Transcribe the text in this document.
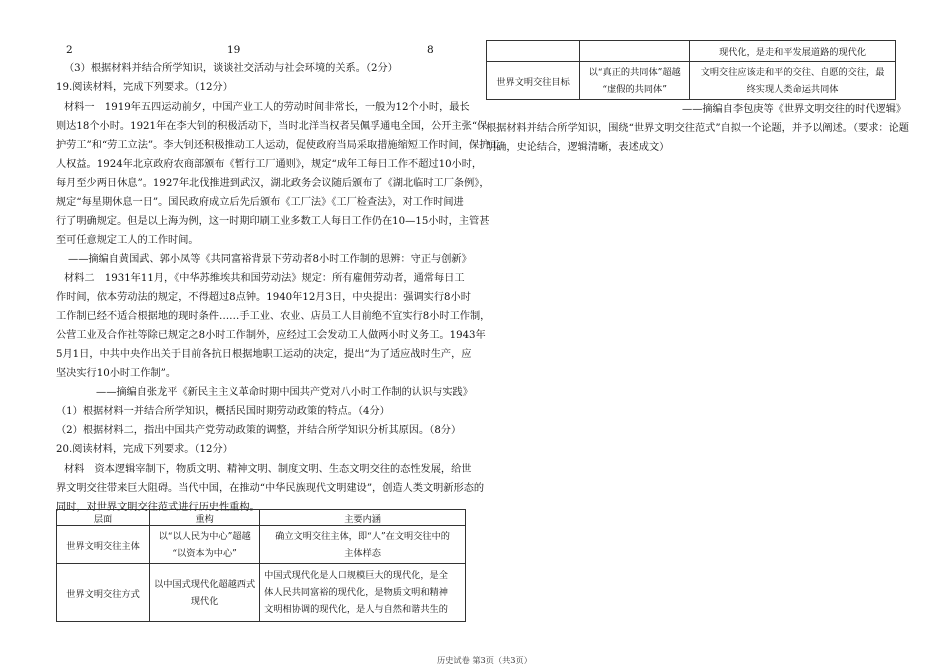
2	19	8
（3）根据材料并结合所学知识，谈谈社交活动与社会环境的关系。（2分）
19.阅读材料，完成下列要求。（12分）
材料一　1919年五四运动前夕，中国产业工人的劳动时间非常长，一般为12个小时，最长
则达18个小时。1921年在李大钊的积极活动下，当时北洋当权者吴佩孚通电全国，公开主张“保
护劳工”和“劳工立法”。李大钊还积极推动工人运动，促使政府当局采取措施缩短工作时间，保护工
人权益。1924年北京政府农商部颁布《暂行工厂通则》，规定“成年工每日工作不超过10小时，
每月至少两日休息”。1927年北伐推进到武汉，湖北政务会议随后颁布了《湖北临时工厂条例》，
规定“每星期休息一日”。国民政府成立后先后颁布《工厂法》《工厂检查法》，对工作时间进
行了明确规定。但是以上海为例，这一时期印刷工业多数工人每日工作仍在10—15小时，主管甚
至可任意规定工人的工作时间。
——摘编自黄国武、郭小凤等《共同富裕背景下劳动者8小时工作制的思辨：守正与创新》
材料二　1931年11月，《中华苏维埃共和国劳动法》规定：所有雇佣劳动者，通常每日工
作时间，依本劳动法的规定，不得超过8点钟。1940年12月3日，中央提出：强调实行8小时
工作制已经不适合根据地的现时条件……手工业、农业、店员工人目前绝不宜实行8小时工作制，
公营工业及合作社等除已规定之8小时工作制外，应经过工会发动工人做两小时义务工。1943年
5月1日，中共中央作出关于目前各抗日根据地职工运动的决定，提出“为了适应战时生产，应
坚决实行10小时工作制”。
——摘编自张龙平《新民主主义革命时期中国共产党对八小时工作制的认识与实践》
（1）根据材料一并结合所学知识，概括民国时期劳动政策的特点。（4分）
（2）根据材料二，指出中国共产党劳动政策的调整，并结合所学知识分析其原因。（8分）
20.阅读材料，完成下列要求。（12分）
材料　资本逻辑宰制下，物质文明、精神文明、制度文明、生态文明交往的态性发展，给世
界文明交往带来巨大阻碍。当代中国，在推动“中华民族现代文明建设”，创造人类文明新形态的
同时，对世界文明交往范式进行历史性重构。
层面	重构	主要内涵
世界文明交往主体	以“以人民为中心”超越
“以资本为中心”	确立文明交往主体，即“人”在文明交往中的
主体样态

世界文明交往方式	以中国式现代化超越西式
现代化	中国式现代化是人口规模巨大的现代化，是全
体人民共同富裕的现代化，是物质文明和精神
文明相协调的现代化，是人与自然和谐共生的
		现代化，是走和平发展道路的现代化
世界文明交往目标	以“真正的共同体”超越
“虚假的共同体”	文明交往应该走和平的交往、自愿的交往，最
终实现人类命运共同体
——摘编自李包庚等《世界文明交往的时代逻辑》
根据材料并结合所学知识，围绕“世界文明交往范式”自拟一个论题，并予以阐述。（要求：论题
明确，史论结合，逻辑清晰，表述成文）
历史试卷 第3页（共3页）
